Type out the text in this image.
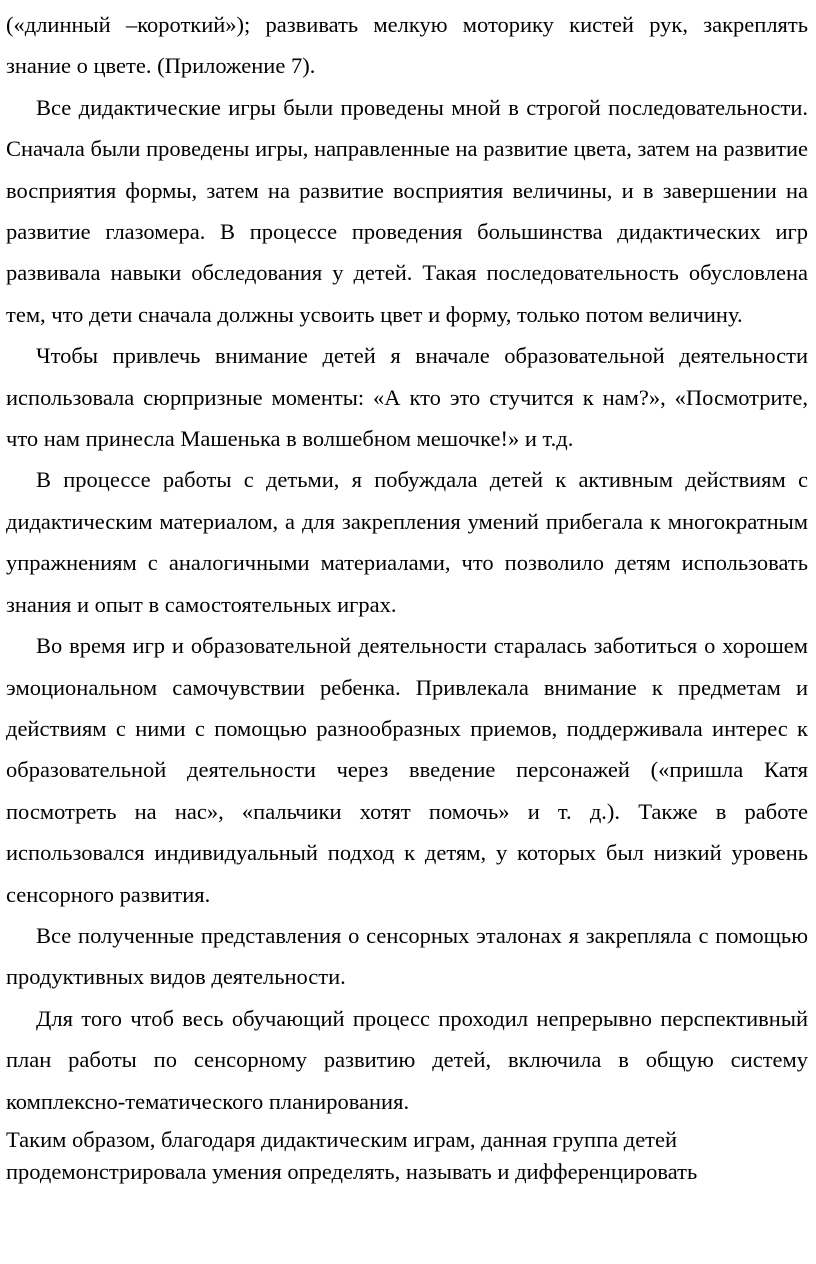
(«длинный –короткий»); развивать мелкую моторику кистей рук, закреплять знание о цвете. (Приложение 7).

Все дидактические игры были проведены мной в строгой последовательности. Сначала были проведены игры, направленные на развитие цвета, затем на развитие восприятия формы, затем на развитие восприятия величины, и в завершении на развитие глазомера. В процессе проведения большинства дидактических игр развивала навыки обследования у детей. Такая последовательность обусловлена тем, что дети сначала должны усвоить цвет и форму, только потом величину.

Чтобы привлечь внимание детей я вначале образовательной деятельности использовала сюрпризные моменты: «А кто это стучится к нам?», «Посмотрите, что нам принесла Машенька в волшебном мешочке!» и т.д.

В процессе работы с детьми, я побуждала детей к активным действиям с дидактическим материалом, а для закрепления умений прибегала к многократным упражнениям с аналогичными материалами, что позволило детям использовать знания и опыт в самостоятельных играх.

Во время игр и образовательной деятельности старалась заботиться о хорошем эмоциональном самочувствии ребенка. Привлекала внимание к предметам и действиям с ними с помощью разнообразных приемов, поддерживала интерес к образовательной деятельности через введение персонажей («пришла Катя посмотреть на нас», «пальчики хотят помочь» и т. д.). Также в работе использовался индивидуальный подход к детям, у которых был низкий уровень сенсорного развития.

Все полученные представления о сенсорных эталонах я закрепляла с помощью продуктивных видов деятельности.

Для того чтоб весь обучающий процесс проходил непрерывно перспективный план работы по сенсорному развитию детей, включила в общую систему комплексно-тематического планирования.

Таким образом, благодаря дидактическим играм, данная группа детей продемонстрировала умения определять, называть и дифференцировать
